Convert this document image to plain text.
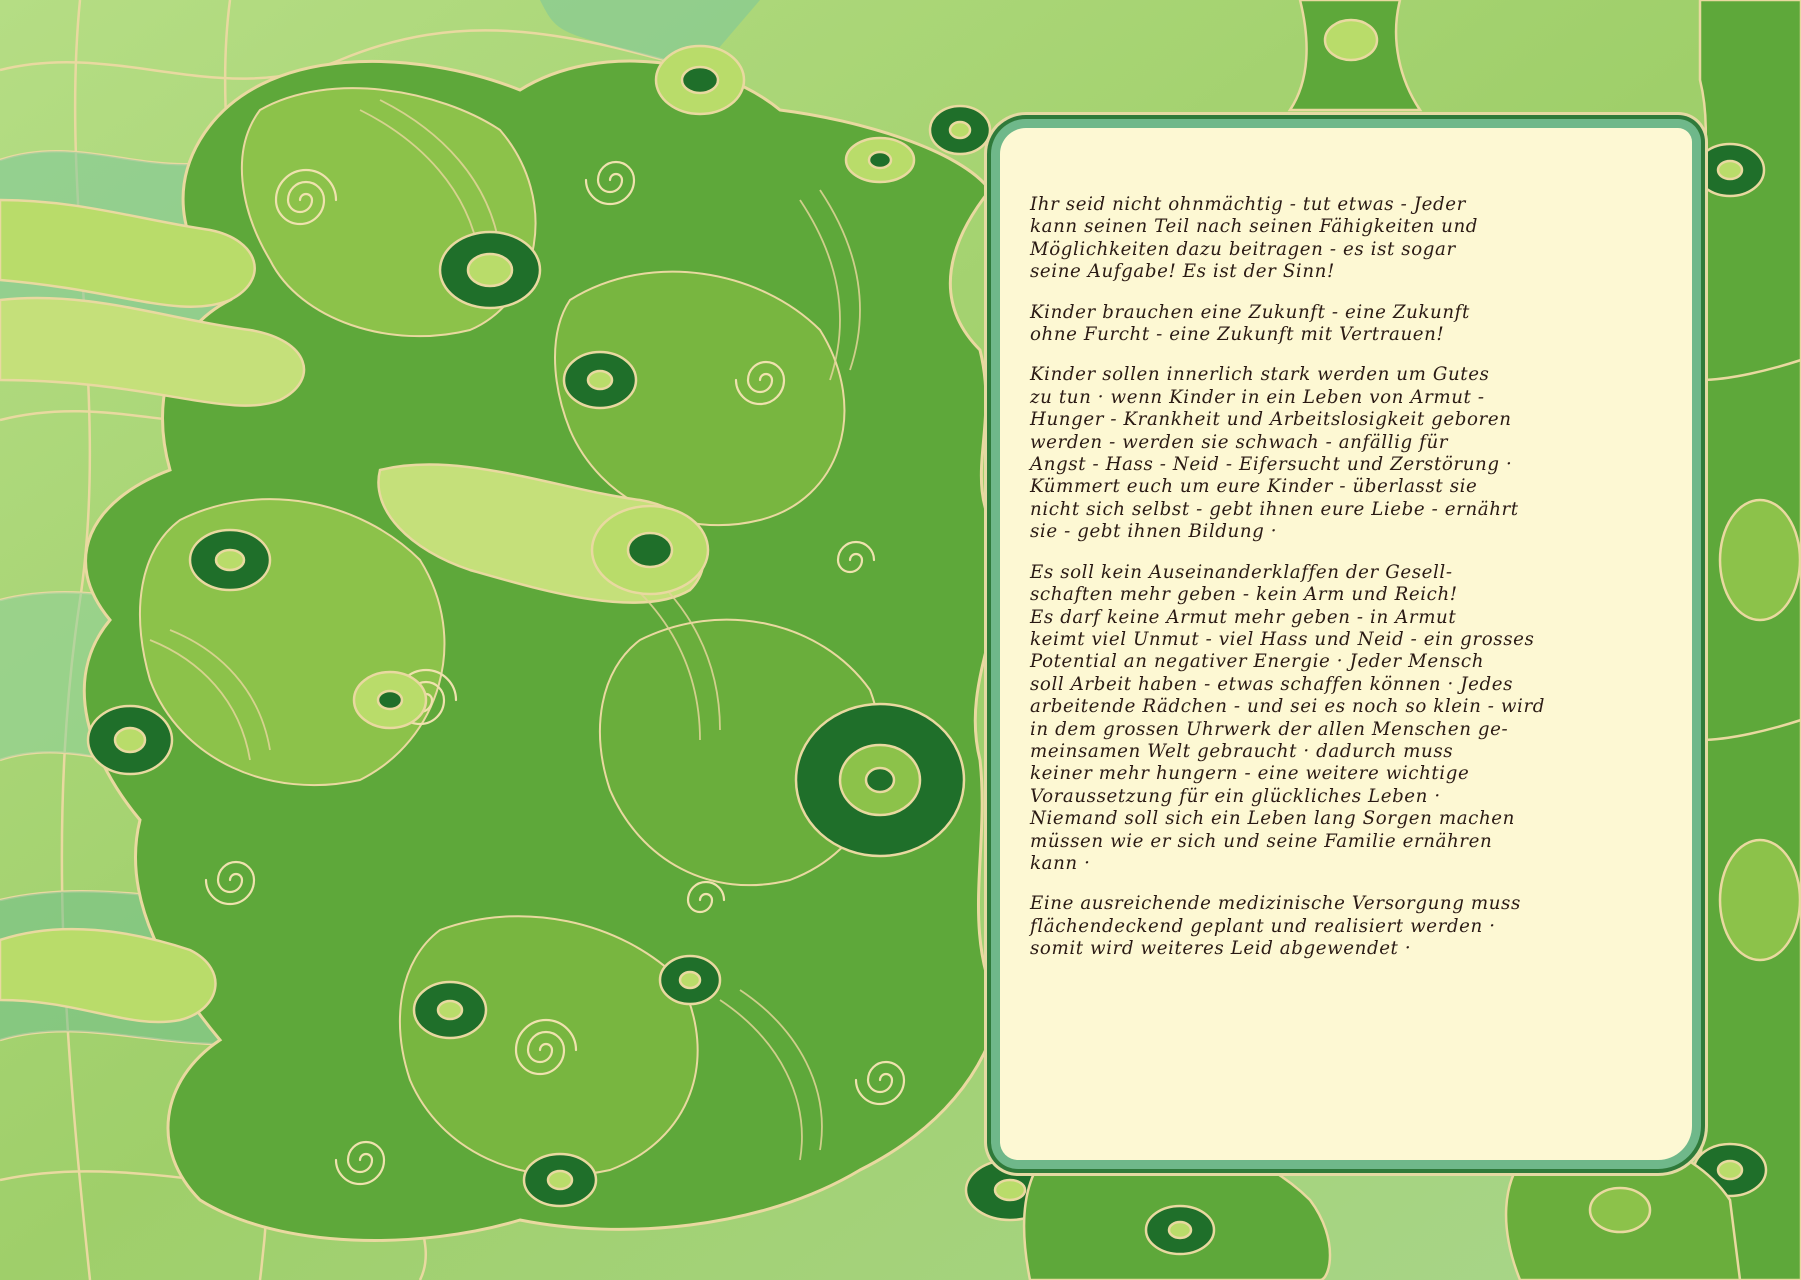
Ihr seid nicht ohnmächtig - tut etwas - Jeder
kann seinen Teil nach seinen Fähigkeiten und
Möglichkeiten dazu beitragen - es ist sogar
seine Aufgabe! Es ist der Sinn!
Kinder brauchen eine Zukunft - eine Zukunft
ohne Furcht - eine Zukunft mit Vertrauen!
Kinder sollen innerlich stark werden um Gutes
zu tun · wenn Kinder in ein Leben von Armut -
Hunger - Krankheit und Arbeitslosigkeit geboren
werden - werden sie schwach - anfällig für
Angst - Hass - Neid - Eifersucht und Zerstörung ·
Kümmert euch um eure Kinder - überlasst sie
nicht sich selbst - gebt ihnen eure Liebe - ernährt
sie - gebt ihnen Bildung ·
Es soll kein Auseinanderklaffen der Gesell-
schaften mehr geben - kein Arm und Reich!
Es darf keine Armut mehr geben - in Armut
keimt viel Unmut - viel Hass und Neid - ein grosses
Potential an negativer Energie · Jeder Mensch
soll Arbeit haben - etwas schaffen können · Jedes
arbeitende Rädchen - und sei es noch so klein - wird
in dem grossen Uhrwerk der allen Menschen ge-
meinsamen Welt gebraucht · dadurch muss
keiner mehr hungern - eine weitere wichtige
Voraussetzung für ein glückliches Leben ·
Niemand soll sich ein Leben lang Sorgen machen
müssen wie er sich und seine Familie ernähren
kann ·
Eine ausreichende medizinische Versorgung muss
flächendeckend geplant und realisiert werden ·
somit wird weiteres Leid abgewendet ·
